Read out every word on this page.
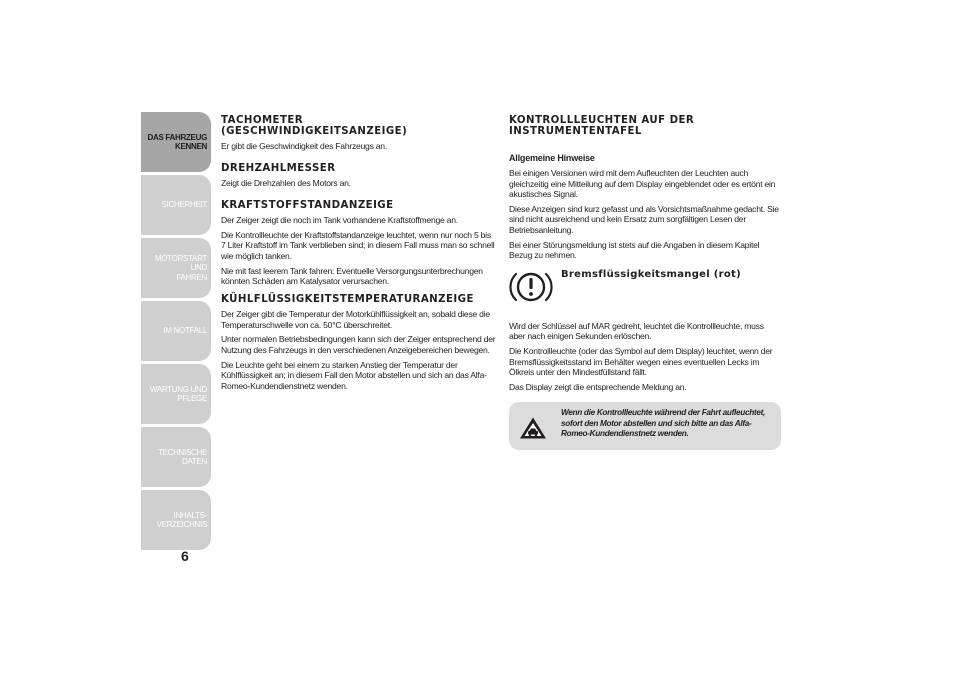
DAS FAHRZEUG
KENNEN
SICHERHEIT
MOTORSTART UND
FAHREN
IM NOTFALL
WARTUNG UND
PFLEGE
TECHNISCHE DATEN
INHALTS-
VERZEICHNIS
6
TACHOMETER
(GESCHWINDIGKEITSANZEIGE)

Er gibt die Geschwindigkeit des Fahrzeugs an.

DREHZAHLMESSER

Zeigt die Drehzahlen des Motors an.

KRAFTSTOFFSTANDANZEIGE

Der Zeiger zeigt die noch im Tank vorhandene Kraftstoffmenge an.

Die Kontrollleuchte der Kraftstoffstandanzeige leuchtet, wenn nur noch 5 bis 7 Liter Kraftstoff im Tank verblieben sind; in diesem Fall muss man so schnell wie möglich tanken.

Nie mit fast leerem Tank fahren: Eventuelle Versorgungsunterbrechungen könnten Schäden am Katalysator verursachen.

KÜHLFLÜSSIGKEITSTEMPERATURANZEIGE

Der Zeiger gibt die Temperatur der Motorkühlflüssigkeit an, sobald diese die Temperaturschwelle von ca. 50°C überschreitet.

Unter normalen Betriebsbedingungen kann sich der Zeiger entsprechend der Nutzung des Fahrzeugs in den verschiedenen Anzeigebereichen bewegen.

Die Leuchte geht bei einem zu starken Anstieg der Temperatur der Kühlflüssigkeit an; in diesem Fall den Motor abstellen und sich an das Alfa-Romeo-Kundendienstnetz wenden.

KONTROLLLEUCHTEN AUF DER
INSTRUMENTENTAFEL
Allgemeine Hinweise

Bei einigen Versionen wird mit dem Aufleuchten der Leuchten auch gleichzeitig eine Mitteilung auf dem Display eingeblendet oder es ertönt ein akustisches Signal.

Diese Anzeigen sind kurz gefasst und als Vorsichtsmaßnahme gedacht. Sie sind nicht ausreichend und kein Ersatz zum sorgfältigen Lesen der Betriebsanleitung.

Bei einer Störungsmeldung ist stets auf die Angaben in diesem Kapitel Bezug zu nehmen.

Bremsflüssigkeitsmangel (rot)

Wird der Schlüssel auf MAR gedreht, leuchtet die Kontrollleuchte, muss aber nach einigen Sekunden erlöschen.

Die Kontrollleuchte (oder das Symbol auf dem Display) leuchtet, wenn der Bremsflüssigkeitsstand im Behälter wegen eines eventuellen Lecks im Ölkreis unter den Mindestfüllstand fällt.

Das Display zeigt die entsprechende Meldung an.

Wenn die Kontrollleuchte während der Fahrt aufleuchtet, sofort den Motor abstellen und sich bitte an das Alfa-Romeo-Kundendienstnetz wenden.
